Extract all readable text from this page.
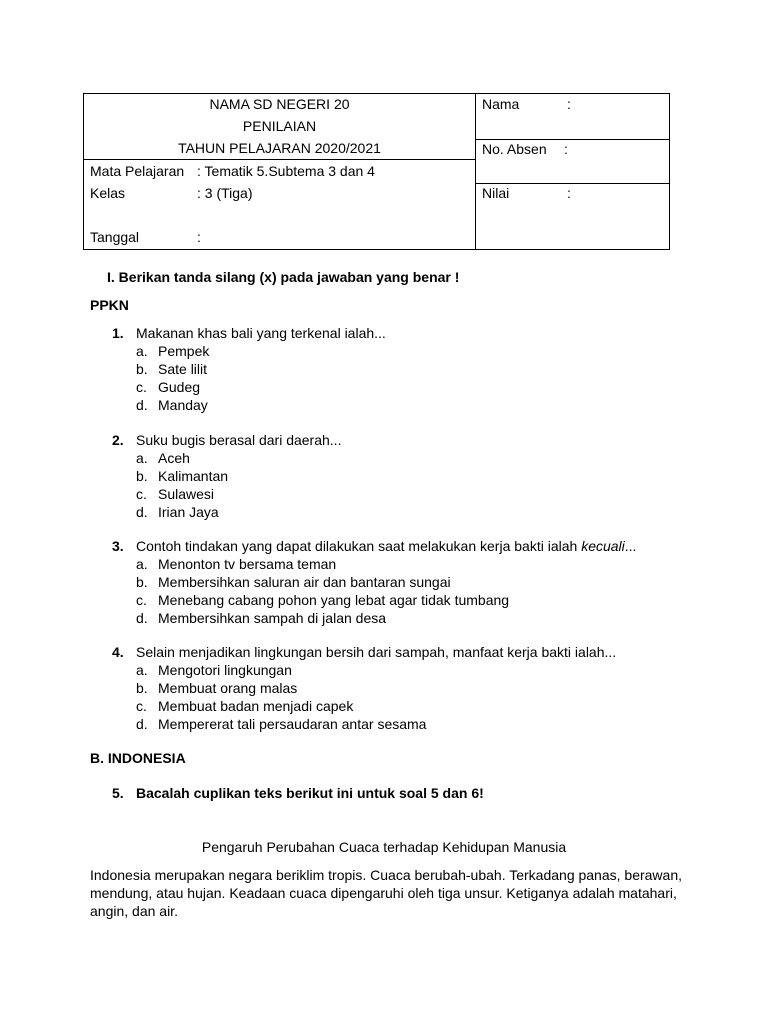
NAMA SD NEGERI 20
PENILAIAN
TAHUN PELAJARAN 2020/2021
Mata Pelajaran : Tematik 5.Subtema 3 dan 4
Kelas	: 3 (Tiga)
Tanggal	:
Nama	:
No. Absen :
Nilai	:
I. Berikan tanda silang (x) pada jawaban yang benar !
PPKN
1. Makanan khas bali yang terkenal ialah...
a. Pempek
b. Sate lilit
c. Gudeg
d. Manday
2. Suku bugis berasal dari daerah...
a. Aceh
b. Kalimantan
c. Sulawesi
d. Irian Jaya
3. Contoh tindakan yang dapat dilakukan saat melakukan kerja bakti ialah kecuali...
a. Menonton tv bersama teman
b. Membersihkan saluran air dan bantaran sungai
c. Menebang cabang pohon yang lebat agar tidak tumbang
d. Membersihkan sampah di jalan desa
4. Selain menjadikan lingkungan bersih dari sampah, manfaat kerja bakti ialah...
a. Mengotori lingkungan
b. Membuat orang malas
c. Membuat badan menjadi capek
d. Mempererat tali persaudaran antar sesama
B. INDONESIA
5. Bacalah cuplikan teks berikut ini untuk soal 5 dan 6!
Pengaruh Perubahan Cuaca terhadap Kehidupan Manusia
Indonesia merupakan negara beriklim tropis. Cuaca berubah-ubah. Terkadang panas, berawan,
mendung, atau hujan. Keadaan cuaca dipengaruhi oleh tiga unsur. Ketiganya adalah matahari,
angin, dan air.
